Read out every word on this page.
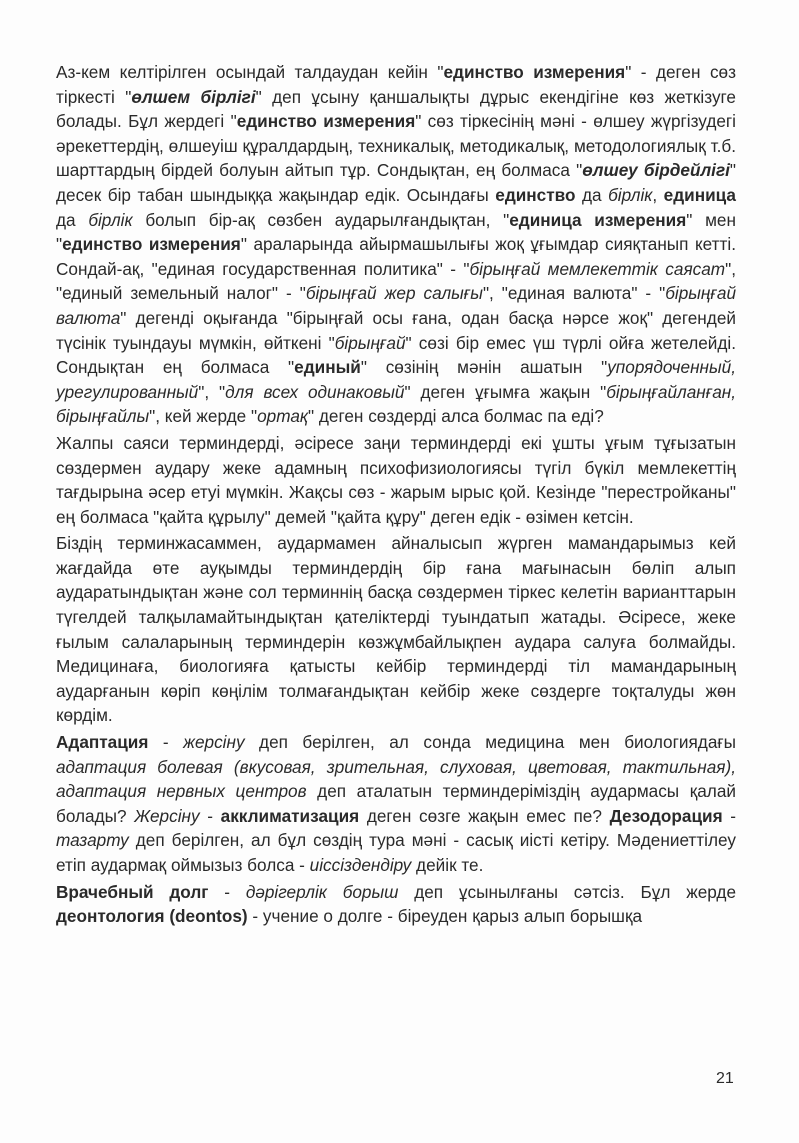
Аз-кем келтірілген осындай талдаудан кейін "единство измерения" - деген сөз тіркесті "өлшем бірлігі" деп ұсыну қаншалықты дұрыс екендігіне көз жеткізуге болады. Бұл жердегі "единство измерения" сөз тіркесінің мәні - өлшеу жүргізудегі әрекеттердің, өлшеуіш құралдардың, техникалық, методикалық, методологиялық т.б. шарттардың бірдей болуын айтып тұр. Сондықтан, ең болмаса "өлшеу бірдейлігі" десек бір табан шындыққа жақындар едік. Осындағы единство да бірлік, единица да бірлік болып бір-ақ сөзбен аударылғандықтан, "единица измерения" мен "единство измерения" араларында айырмашылығы жоқ ұғымдар сияқтанып кетті. Сондай-ақ, "единая государственная политика" - "бірыңғай мемлекеттік саясат", "единый земельный налог" - "бірыңғай жер салығы", "единая валюта" - "бірыңғай валюта" дегенді оқығанда "бірыңғай осы ғана, одан басқа нәрсе жоқ" дегендей түсінік туындауы мүмкін, өйткені "бірыңғай" сөзі бір емес үш түрлі ойға жетелейді. Сондықтан ең болмаса "единый" сөзінің мәнін ашатын "упорядоченный, урегулированный", "для всех одинаковый" деген ұғымға жақын "бірыңғайланған, бірыңғайлы", кей жерде "ортақ" деген сөздерді алса болмас па еді?

Жалпы саяси терминдерді, әсіресе заңи терминдерді екі ұшты ұғым тұғызатын сөздермен аудару жеке адамның психофизиологиясы түгіл бүкіл мемлекеттің тағдырына әсер етуі мүмкін. Жақсы сөз - жарым ырыс қой. Кезінде "перестройканы" ең болмаса "қайта құрылу" демей "қайта құру" деген едік - өзімен кетсін.

Біздің терминжасаммен, аудармамен айналысып жүрген мамандарымыз кей жағдайда өте ауқымды терминдердің бір ғана мағынасын бөліп алып аударатындықтан және сол терминнің басқа сөздермен тіркес келетін варианттарын түгелдей талқыламайтындықтан қателіктерді туындатып жатады. Әсіресе, жеке ғылым салаларының терминдерін көзжұмбайлықпен аудара салуға болмайды. Медицинаға, биологияға қатысты кейбір терминдерді тіл мамандарының аударғанын көріп көңілім толмағандықтан кейбір жеке сөздерге тоқталуды жөн көрдім.

Адаптация - жерсіну деп берілген, ал сонда медицина мен биологиядағы адаптация болевая (вкусовая, зрительная, слуховая, цветовая, тактильная), адаптация нервных центров деп аталатын терминдеріміздің аудармасы қалай болады? Жерсіну - акклиматизация деген сөзге жақын емес пе? Дезодорация - тазарту деп берілген, ал бұл сөздің тура мәні - сасық иісті кетіру. Мәдениеттілеу етіп аудармақ оймызыз болса - иіссіздендіру дейік те.

Врачебный долг - дәрігерлік борыш деп ұсынылғаны сәтсіз. Бұл жерде деонтология (deontos) - учение о долге - біреуден қарыз алып борышқа

21
